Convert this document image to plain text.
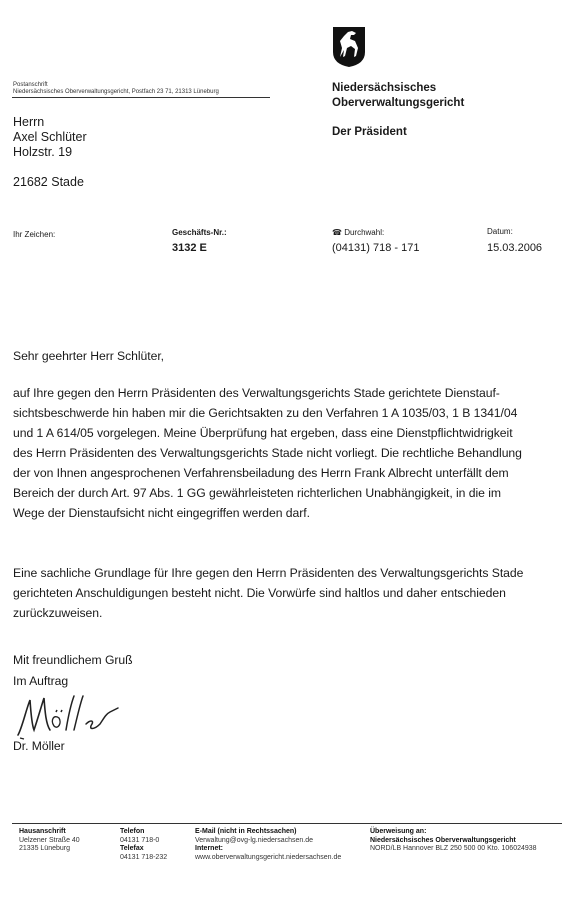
Postanschrift
Niedersächsisches Oberverwaltungsgericht, Postfach 23 71, 21313 Lüneburg	Niedersächsisches
Oberverwaltungsgericht
Der Präsident
Herrn
Axel Schlüter
Holzstr. 19
21682 Stade
Ihr Zeichen:	Geschäfts-Nr.:
3132 E
☎ Durchwahl:
(04131) 718 - 171
Datum:
15.03.2006
Sehr geehrter Herr Schlüter,

auf Ihre gegen den Herrn Präsidenten des Verwaltungsgerichts Stade gerichtete Dienstauf-

sichtsbeschwerde hin haben mir die Gerichtsakten zu den Verfahren 1 A 1035/03, 1 B 1341/04

und 1 A 614/05 vorgelegen. Meine Überprüfung hat ergeben, dass eine Dienstpflichtwidrigkeit

des Herrn Präsidenten des Verwaltungsgerichts Stade nicht vorliegt. Die rechtliche Behandlung

der von Ihnen angesprochenen Verfahrensbeiladung des Herrn Frank Albrecht unterfällt dem

Bereich der durch Art. 97 Abs. 1 GG gewährleisteten richterlichen Unabhängigkeit, in die im

Wege der Dienstaufsicht nicht eingegriffen werden darf.

Eine sachliche Grundlage für Ihre gegen den Herrn Präsidenten des Verwaltungsgerichts Stade

gerichteten Anschuldigungen besteht nicht. Die Vorwürfe sind haltlos und daher entschieden

zurückzuweisen.

Mit freundlichem Gruß
Im Auftrag
Dr. Möller
Hausanschrift
Uelzener Straße 40
21335 Lüneburg
Telefon
04131 718-0
Telefax
04131 718-232
E-Mail (nicht in Rechtssachen)
Verwaltung@ovg-lg.niedersachsen.de
Internet:
www.oberverwaltungsgericht.niedersachsen.de
Überweisung an:
Niedersächsisches Oberverwaltungsgericht
NORD/LB Hannover BLZ 250 500 00 Kto. 106024938
